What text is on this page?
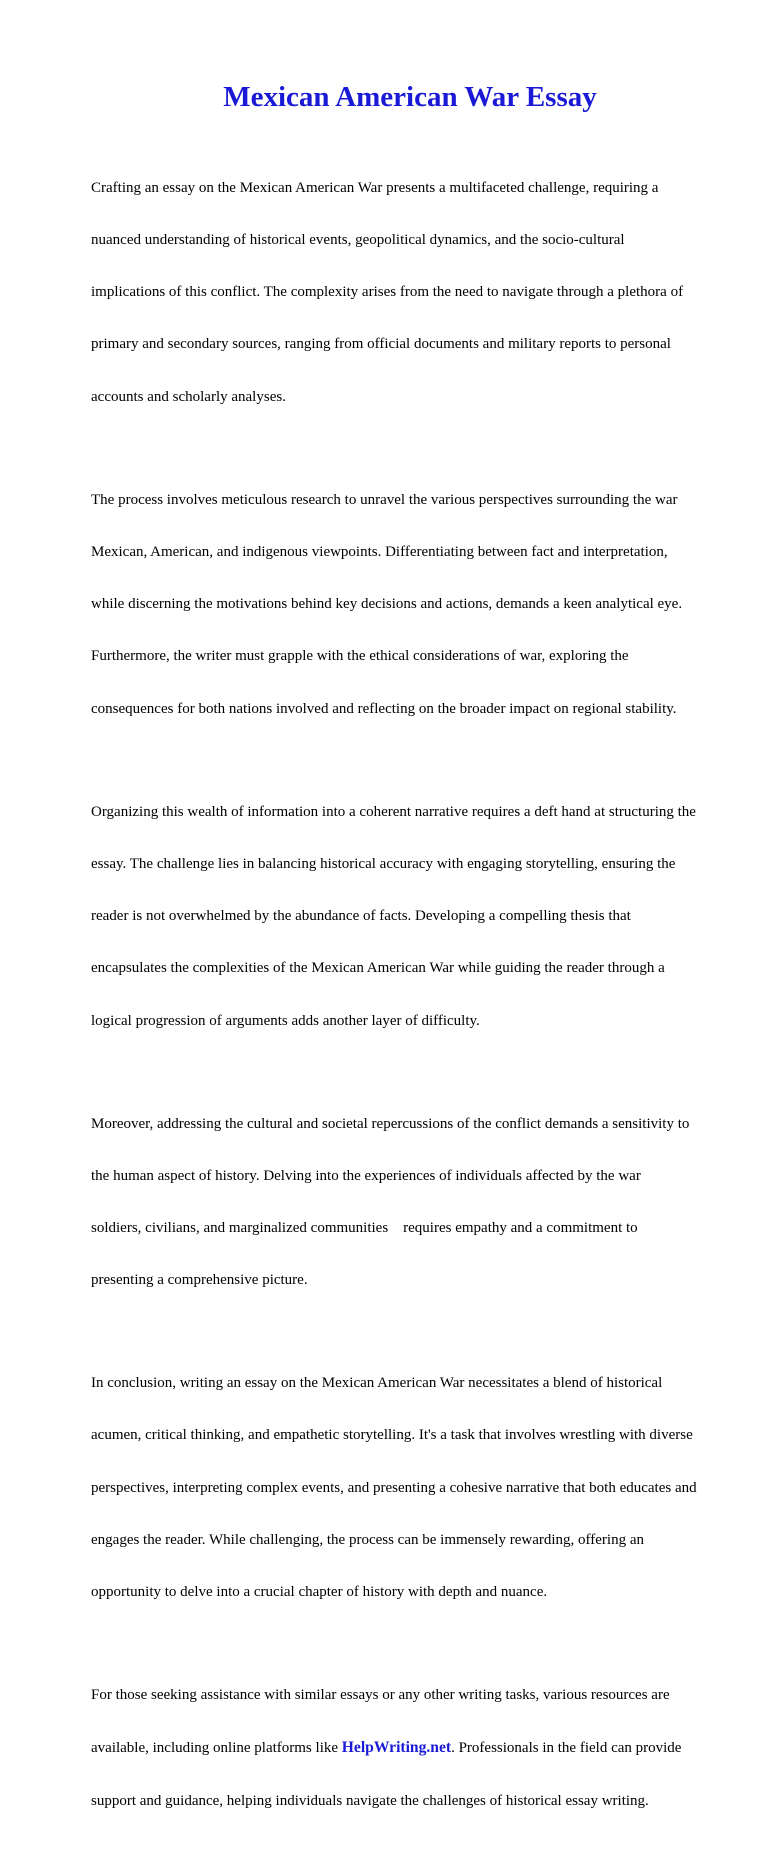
Mexican American War Essay

Crafting an essay on the Mexican American War presents a multifaceted challenge, requiring a

nuanced understanding of historical events, geopolitical dynamics, and the socio-cultural

implications of this conflict. The complexity arises from the need to navigate through a plethora of

primary and secondary sources, ranging from official documents and military reports to personal

accounts and scholarly analyses.

The process involves meticulous research to unravel the various perspectives surrounding the war

Mexican, American, and indigenous viewpoints. Differentiating between fact and interpretation,

while discerning the motivations behind key decisions and actions, demands a keen analytical eye.

Furthermore, the writer must grapple with the ethical considerations of war, exploring the

consequences for both nations involved and reflecting on the broader impact on regional stability.

Organizing this wealth of information into a coherent narrative requires a deft hand at structuring the

essay. The challenge lies in balancing historical accuracy with engaging storytelling, ensuring the

reader is not overwhelmed by the abundance of facts. Developing a compelling thesis that

encapsulates the complexities of the Mexican American War while guiding the reader through a

logical progression of arguments adds another layer of difficulty.

Moreover, addressing the cultural and societal repercussions of the conflict demands a sensitivity to

the human aspect of history. Delving into the experiences of individuals affected by the war

soldiers, civilians, and marginalized communities    requires empathy and a commitment to

presenting a comprehensive picture.

In conclusion, writing an essay on the Mexican American War necessitates a blend of historical

acumen, critical thinking, and empathetic storytelling. It's a task that involves wrestling with diverse

perspectives, interpreting complex events, and presenting a cohesive narrative that both educates and

engages the reader. While challenging, the process can be immensely rewarding, offering an

opportunity to delve into a crucial chapter of history with depth and nuance.

For those seeking assistance with similar essays or any other writing tasks, various resources are

available, including online platforms like HelpWriting.net. Professionals in the field can provide

support and guidance, helping individuals navigate the challenges of historical essay writing.
